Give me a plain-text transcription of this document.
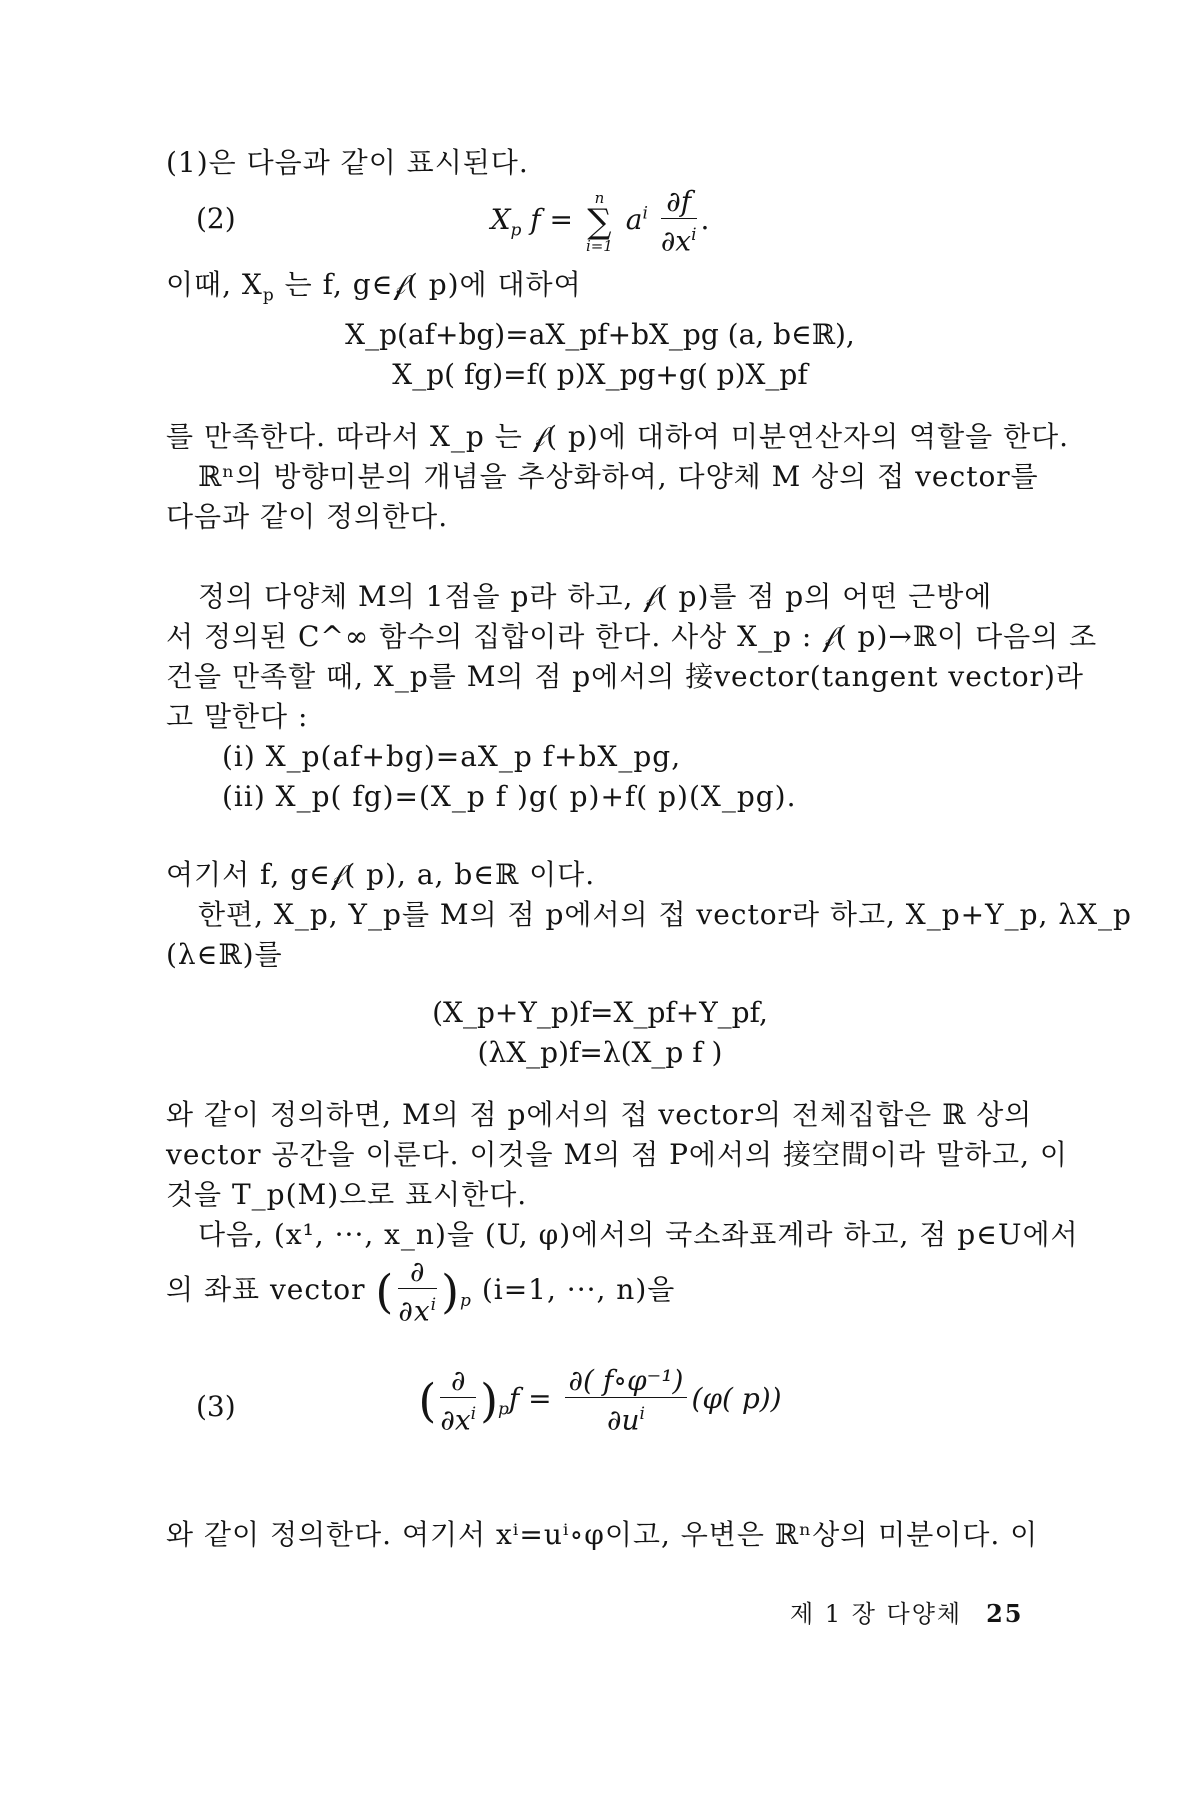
(1)은 다음과 같이 표시된다.
(2)	$X_p$ f =
n
∑
i=1
$a^i \frac{\partial f}{\partial x^i}$ .
이때, $X_p$ 는 f, g∈𝒻( p)에 대하여
X_p(af+bg)=aX_pf+bX_pg (a, b∈ℝ),
X_p( fg)=f( p)X_pg+g( p)X_pf
를 만족한다. 따라서 X_p 는 𝒻( p)에 대하여 미분연산자의 역할을 한다.
ℝⁿ의 방향미분의 개념을 추상화하여, 다양체 M 상의 접 vector를
다음과 같이 정의한다.
정의 다양체 M의 1점을 p라 하고, 𝒻( p)를 점 p의 어떤 근방에
서 정의된 C^∞ 함수의 집합이라 한다. 사상 X_p : 𝒻( p)→ℝ이 다음의 조
건을 만족할 때, X_p를 M의 점 p에서의 接vector(tangent vector)라
고 말한다 :
(i) X_p(af+bg)=aX_p f+bX_pg,
(ii) X_p( fg)=(X_p f )g( p)+f( p)(X_pg).
여기서 f, g∈𝒻( p), a, b∈ℝ 이다.
한편, X_p, Y_p를 M의 점 p에서의 접 vector라 하고, X_p+Y_p, λX_p
(λ∈ℝ)를
(X_p+Y_p)f=X_pf+Y_pf,
(λX_p)f=λ(X_p f )
와 같이 정의하면, M의 점 p에서의 접 vector의 전체집합은 ℝ 상의
vector 공간을 이룬다. 이것을 M의 점 P에서의 接空間이라 말하고, 이
것을 T_p(M)으로 표시한다.
다음, (x¹, ···, x_n)을 (U, φ)에서의 국소좌표계라 하고, 점 p∈U에서
의 좌표 vector ( $\frac{\partial}{\partial x^i} )_p$ (i=1, ···, n)을
(3)	( $\frac{\partial}{\partial x^i} )_pf = \frac{\text{∂( f∘φ⁻¹)}}{\partial u^i} (\varphi$( p))
와 같이 정의한다. 여기서 xⁱ=uⁱ∘φ이고, 우변은 ℝⁿ상의 미분이다. 이
제 1 장 다양체 25
